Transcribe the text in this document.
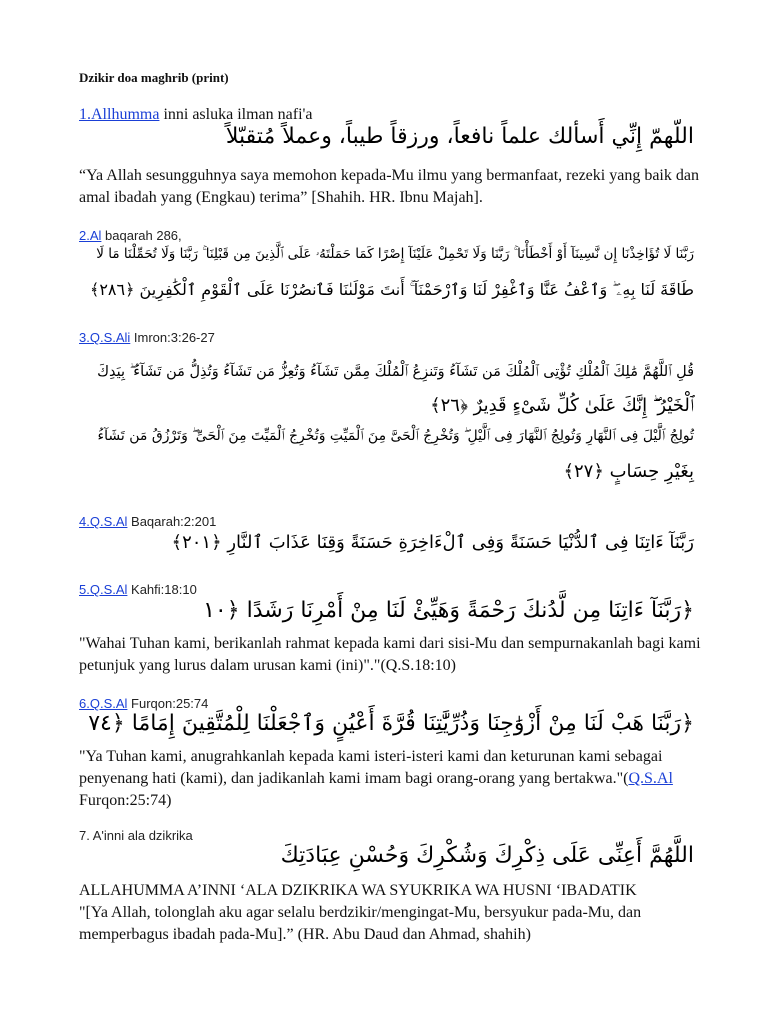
Dzikir doa maghrib (print)
1.Allhumma inni asluka ilman nafi'a
اللّهمّ إِنِّي أَسألك علماً نافعاً، ورزقاً طيباً، وعملاً مُتقبّلاً
“Ya Allah sesungguhnya saya memohon kepada-Mu ilmu yang bermanfaat, rezeki yang baik dan amal ibadah yang (Engkau) terima” [Shahih. HR. Ibnu Majah].
2.Al baqarah 286,
رَبَّنَا لَا تُؤَاخِذْنَا إِن نَّسِينَآ أَوْ أَخْطَأْنَا ۚ رَبَّنَا وَلَا تَحْمِلْ عَلَيْنَآ إِصْرًا كَمَا حَمَلْتَهُۥ عَلَى ٱلَّذِينَ مِن قَبْلِنَا ۚ رَبَّنَا وَلَا تُحَمِّلْنَا مَا لَا
طَاقَةَ لَنَا بِهِۦ ۖ وَٱعْفُ عَنَّا وَٱغْفِرْ لَنَا وَٱرْحَمْنَآ ۚ أَنتَ مَوْلَىٰنَا فَٱنصُرْنَا عَلَى ٱلْقَوْمِ ٱلْكَٰفِرِينَ ﴿٢٨٦﴾
3.Q.S.Ali Imron:3:26-27
قُلِ ٱللَّهُمَّ مَٰلِكَ ٱلْمُلْكِ تُؤْتِى ٱلْمُلْكَ مَن تَشَآءُ وَتَنزِعُ ٱلْمُلْكَ مِمَّن تَشَآءُ وَتُعِزُّ مَن تَشَآءُ وَتُذِلُّ مَن تَشَآءُ ۖ بِيَدِكَ
ٱلْخَيْرُ ۖ إِنَّكَ عَلَىٰ كُلِّ شَىْءٍ قَدِيرٌ ﴿٢٦﴾
تُولِجُ ٱلَّيْلَ فِى ٱلنَّهَارِ وَتُولِجُ ٱلنَّهَارَ فِى ٱلَّيْلِ ۖ وَتُخْرِجُ ٱلْحَىَّ مِنَ ٱلْمَيِّتِ وَتُخْرِجُ ٱلْمَيِّتَ مِنَ ٱلْحَىِّ ۖ وَتَرْزُقُ مَن تَشَآءُ
بِغَيْرِ حِسَابٍ ﴿٢٧﴾
4.Q.S.Al Baqarah:2:201
رَبَّنَآ ءَاتِنَا فِى ٱلدُّنْيَا حَسَنَةً وَفِى ٱلْءَاخِرَةِ حَسَنَةً وَقِنَا عَذَابَ ٱلنَّارِ ﴿٢٠١﴾
5.Q.S.Al Kahfi:18:10
﴿رَبَّنَآ ءَاتِنَا مِن لَّدُنكَ رَحْمَةً وَهَيِّئْ لَنَا مِنْ أَمْرِنَا رَشَدًا ﴿١٠
"Wahai Tuhan kami, berikanlah rahmat kepada kami dari sisi-Mu dan sempurnakanlah bagi kami petunjuk yang lurus dalam urusan kami (ini)"."(Q.S.18:10)
6.Q.S.Al Furqon:25:74
﴿رَبَّنَا هَبْ لَنَا مِنْ أَزْوَٰجِنَا وَذُرِّيَّٰتِنَا قُرَّةَ أَعْيُنٍ وَٱجْعَلْنَا لِلْمُتَّقِينَ إِمَامًا ﴿٧٤
"Ya Tuhan kami, anugrahkanlah kepada kami isteri-isteri kami dan keturunan kami sebagai penyenang hati (kami), dan jadikanlah kami imam bagi orang-orang yang bertakwa."(Q.S.Al Furqon:25:74)
7. A'inni ala dzikrika
اللَّهُمَّ أَعِنِّى عَلَى ذِكْرِكَ وَشُكْرِكَ وَحُسْنِ عِبَادَتِكَ
ALLAHUMMA A’INNI ‘ALA DZIKRIKA WA SYUKRIKA WA HUSNI ‘IBADATIK
"[Ya Allah, tolonglah aku agar selalu berdzikir/mengingat-Mu, bersyukur pada-Mu, dan memperbagus ibadah pada-Mu].” (HR. Abu Daud dan Ahmad, shahih)
